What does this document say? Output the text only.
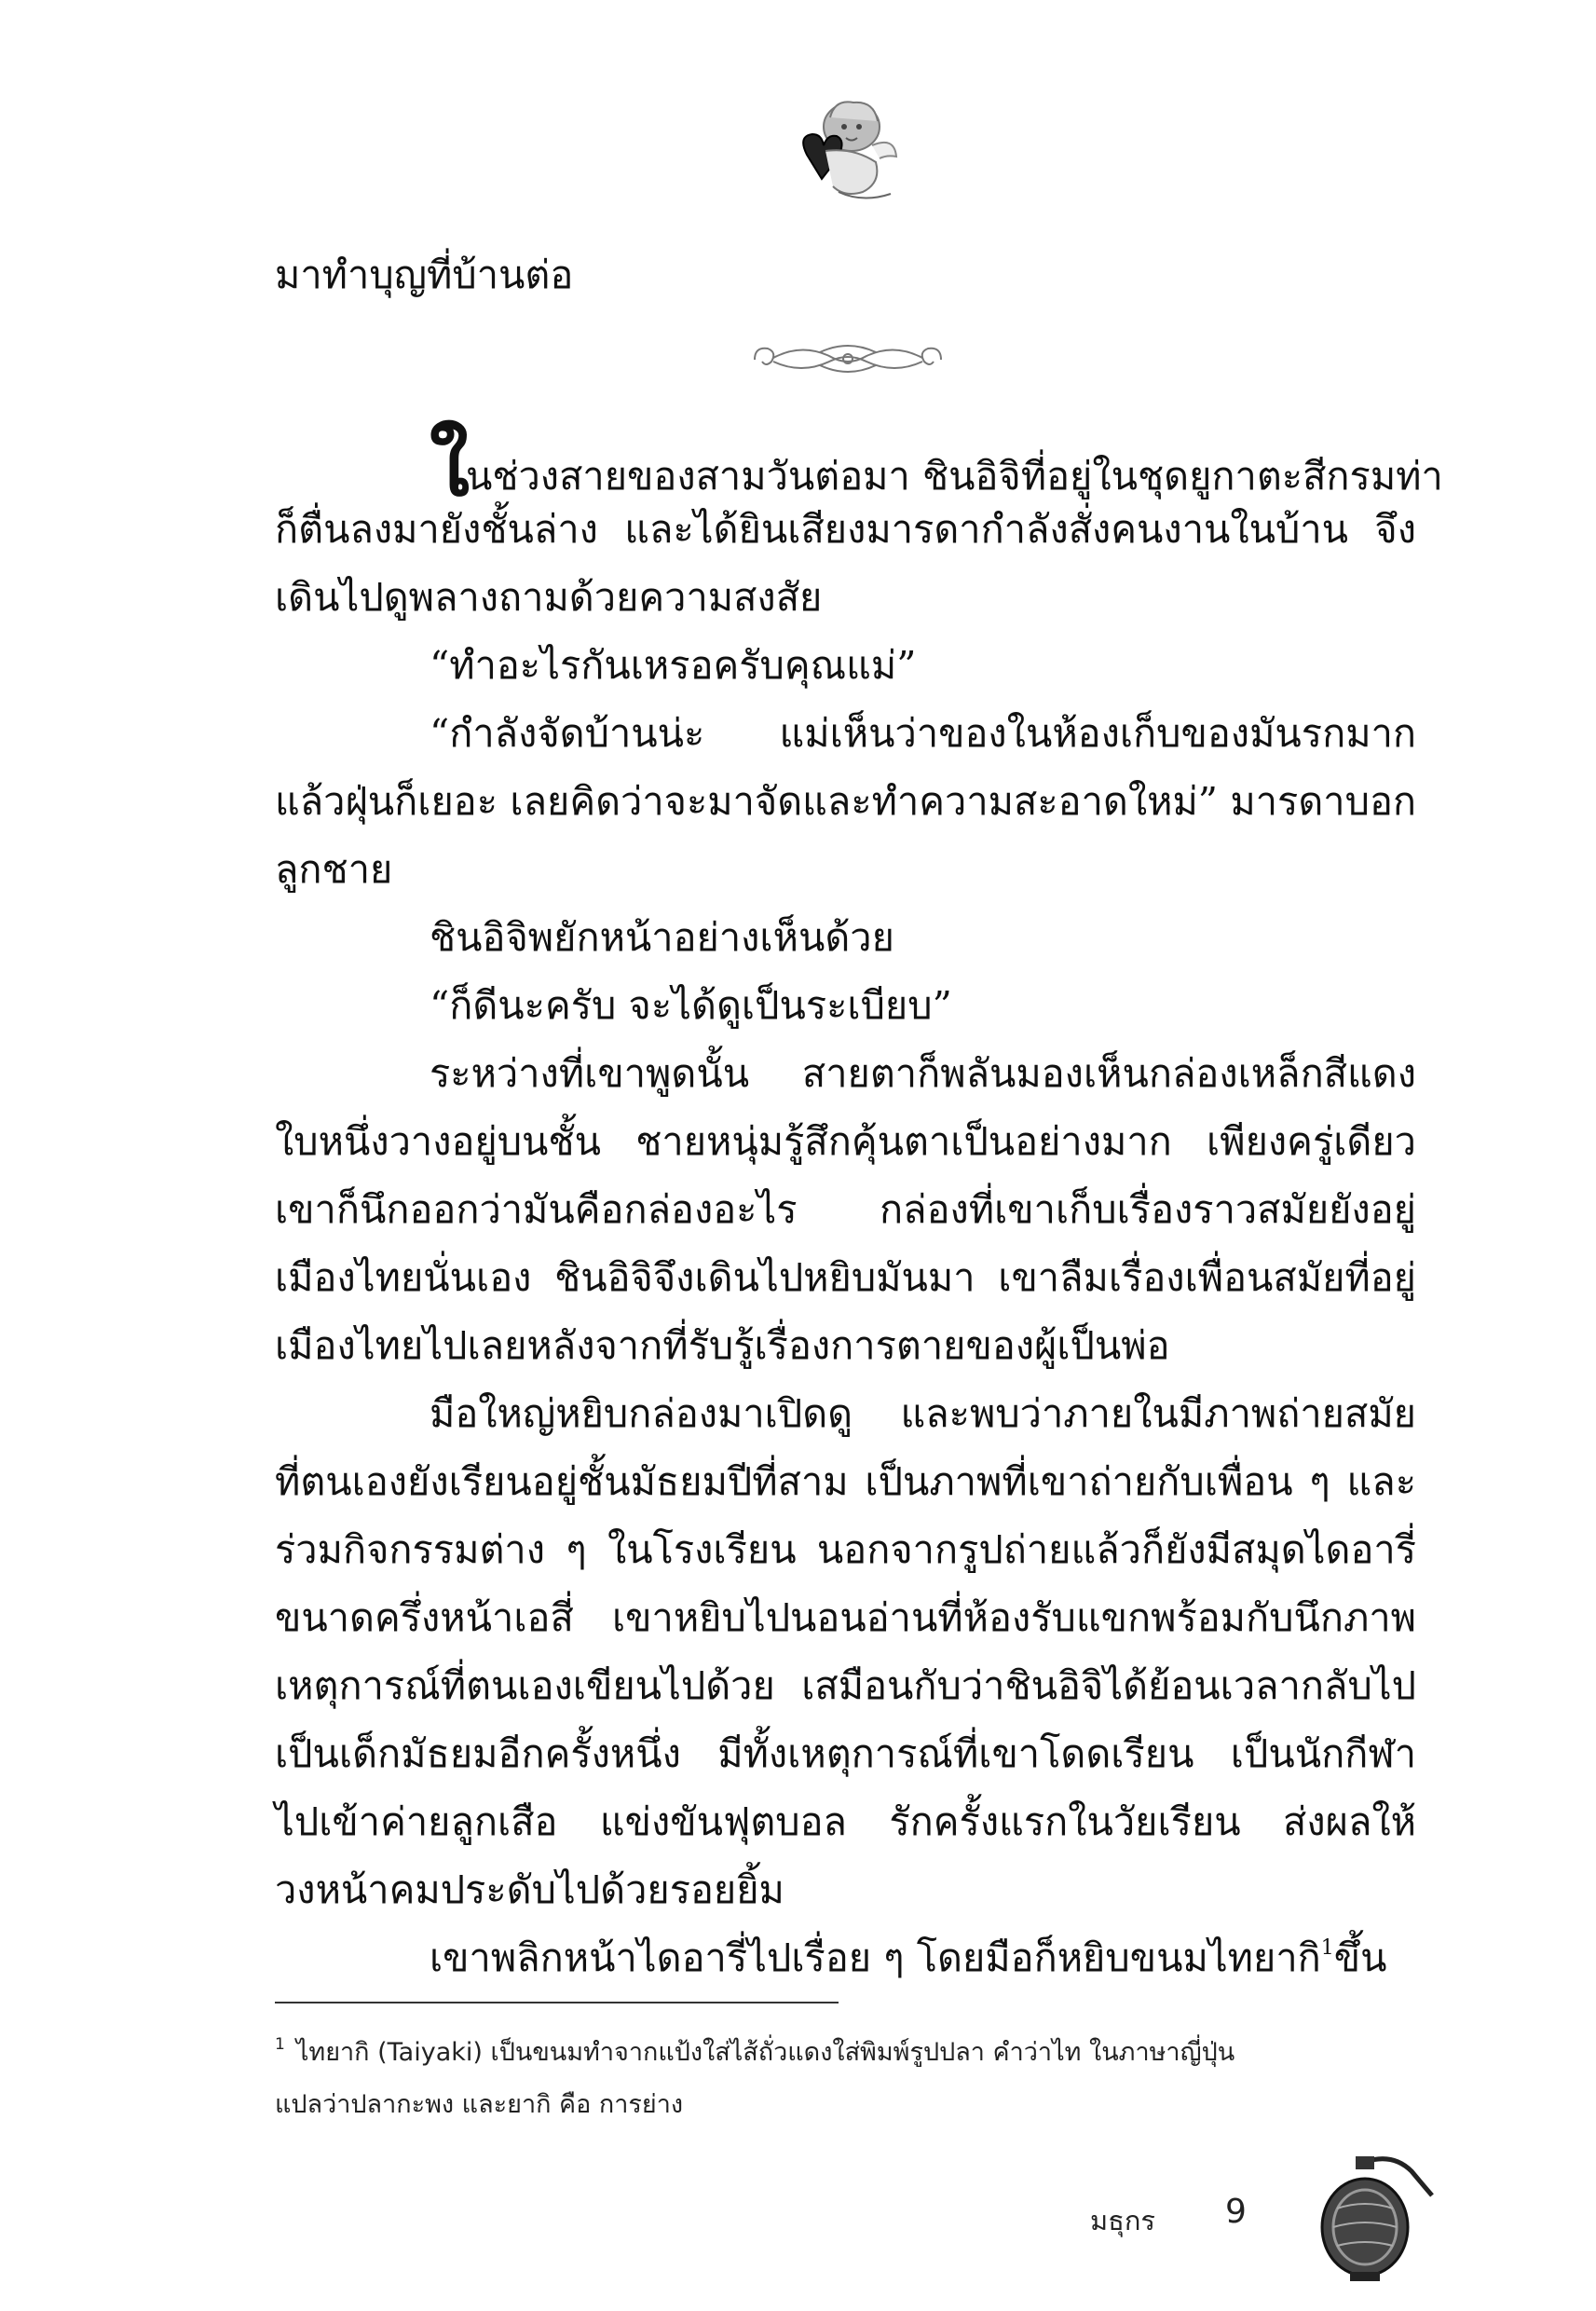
มาทำบุญที่บ้านต่อ
ในช่วงสายของสามวันต่อมา ชินอิจิที่อยู่ในชุดยูกาตะสีกรมท่า
ก็ตื่นลงมายังชั้นล่าง และได้ยินเสียงมารดากำลังสั่งคนงานในบ้าน จึง
เดินไปดูพลางถามด้วยความสงสัย
“ทำอะไรกันเหรอครับคุณแม่”
“กำลังจัดบ้านน่ะ แม่เห็นว่าของในห้องเก็บของมันรกมาก
แล้วฝุ่นก็เยอะ เลยคิดว่าจะมาจัดและทำความสะอาดใหม่” มารดาบอก
ลูกชาย
ชินอิจิพยักหน้าอย่างเห็นด้วย
“ก็ดีนะครับ จะได้ดูเป็นระเบียบ”
ระหว่างที่เขาพูดนั้น สายตาก็พลันมองเห็นกล่องเหล็กสีแดง
ใบหนึ่งวางอยู่บนชั้น ชายหนุ่มรู้สึกคุ้นตาเป็นอย่างมาก เพียงครู่เดียว
เขาก็นึกออกว่ามันคือกล่องอะไร กล่องที่เขาเก็บเรื่องราวสมัยยังอยู่
เมืองไทยนั่นเอง ชินอิจิจึงเดินไปหยิบมันมา เขาลืมเรื่องเพื่อนสมัยที่อยู่
เมืองไทยไปเลยหลังจากที่รับรู้เรื่องการตายของผู้เป็นพ่อ
มือใหญ่หยิบกล่องมาเปิดดู และพบว่าภายในมีภาพถ่ายสมัย
ที่ตนเองยังเรียนอยู่ชั้นมัธยมปีที่สาม เป็นภาพที่เขาถ่ายกับเพื่อน ๆ และ
ร่วมกิจกรรมต่าง ๆ ในโรงเรียน นอกจากรูปถ่ายแล้วก็ยังมีสมุดไดอารี่
ขนาดครึ่งหน้าเอสี่ เขาหยิบไปนอนอ่านที่ห้องรับแขกพร้อมกับนึกภาพ
เหตุการณ์ที่ตนเองเขียนไปด้วย เสมือนกับว่าชินอิจิได้ย้อนเวลากลับไป
เป็นเด็กมัธยมอีกครั้งหนึ่ง มีทั้งเหตุการณ์ที่เขาโดดเรียน เป็นนักกีฬา
ไปเข้าค่ายลูกเสือ แข่งขันฟุตบอล รักครั้งแรกในวัยเรียน ส่งผลให้
วงหน้าคมประดับไปด้วยรอยยิ้ม
เขาพลิกหน้าไดอารี่ไปเรื่อย ๆ โดยมือก็หยิบขนมไทยากิ$^1$ขึ้น
$^1$ ไทยากิ (Taiyaki) เป็นขนมทำจากแป้งใส่ไส้ถั่วแดงใส่พิมพ์รูปปลา คำว่าไท ในภาษาญี่ปุ่น
แปลว่าปลากะพง และยากิ คือ การย่าง
มธุกร 9
